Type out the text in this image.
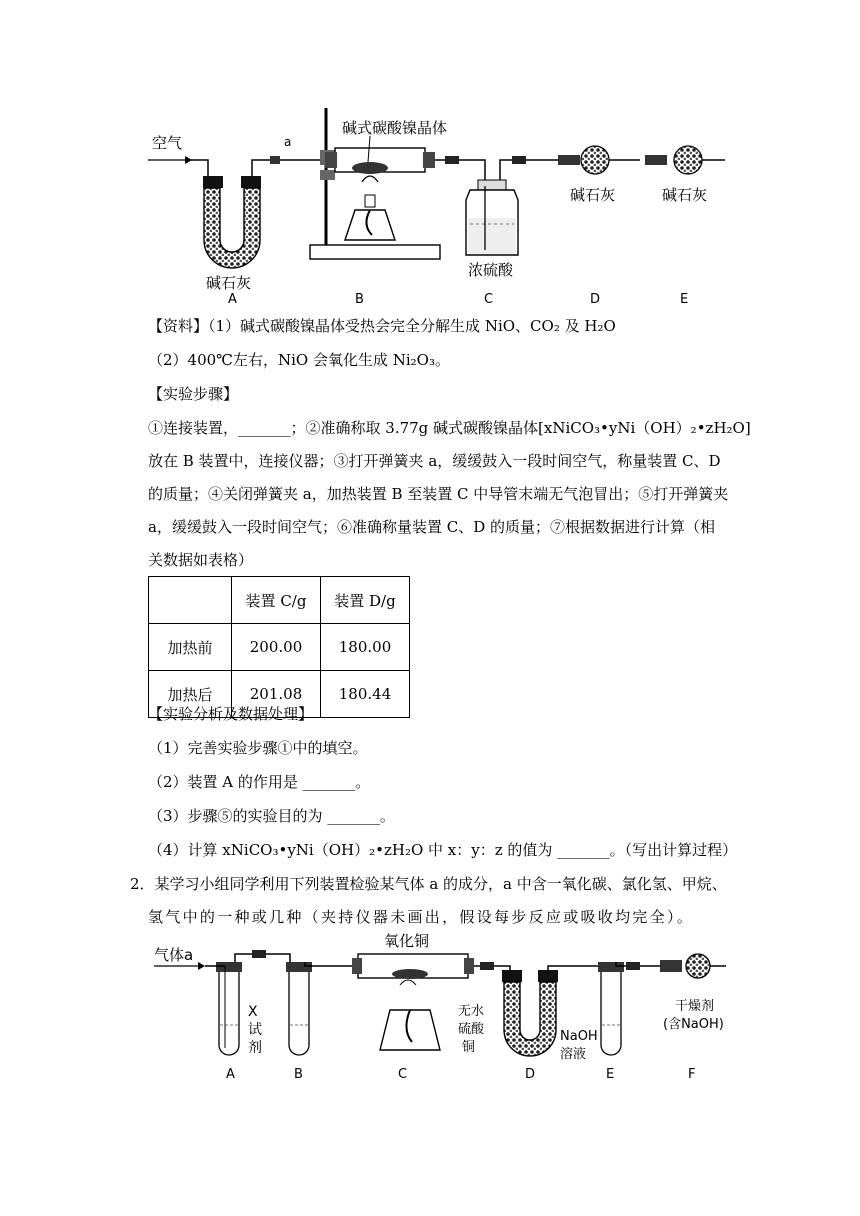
空气
碱石灰
a
碱式碳酸镍晶体
浓硫酸
碱石灰	碱石灰
A	B	C	D	E
【资料】（1）碱式碳酸镍晶体受热会完全分解生成 NiO、CO₂ 及 H₂O
（2）400℃左右，NiO 会氧化生成 Ni₂O₃。
【实验步骤】
①连接装置，_______；②准确称取 3.77g 碱式碳酸镍晶体[xNiCO₃•yNi（OH）₂•zH₂O]
放在 B 装置中，连接仪器；③打开弹簧夹 a，缓缓鼓入一段时间空气，称量装置 C、D
的质量；④关闭弹簧夹 a，加热装置 B 至装置 C 中导管末端无气泡冒出；⑤打开弹簧夹
a，缓缓鼓入一段时间空气；⑥准确称量装置 C、D 的质量；⑦根据数据进行计算（相
关数据如表格）
	装置 C/g	装置 D/g
加热前	200.00	180.00
加热后	201.08	180.44
【实验分析及数据处理】
（1）完善实验步骤①中的填空。
（2）装置 A 的作用是 _______。
（3）步骤⑤的实验目的为 _______。
（4）计算 xNiCO₃•yNi（OH）₂•zH₂O 中 x：y：z 的值为 _______。（写出计算过程）
2．某学习小组同学利用下列装置检验某气体 a 的成分，a 中含一氧化碳、氯化氢、甲烷、
氢气中的一种或几种（夹持仪器未画出，假设每步反应或吸收均完全）。
气体a
X
试
剂
氧化铜
无水
硫酸
铜
NaOH
溶液
干燥剂
(含NaOH)
A	B	C	D	E	F
